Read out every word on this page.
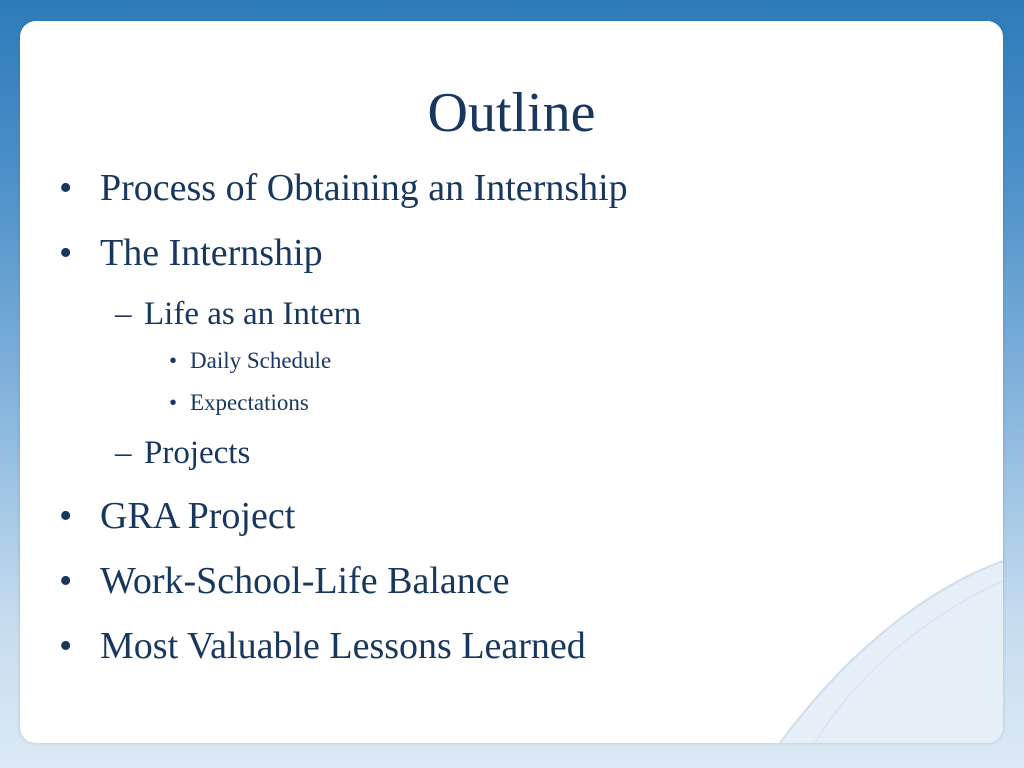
Outline
• Process of Obtaining an Internship
• The Internship
– Life as an Intern
• Daily Schedule
• Expectations
– Projects
• GRA Project
• Work-School-Life Balance
• Most Valuable Lessons Learned
